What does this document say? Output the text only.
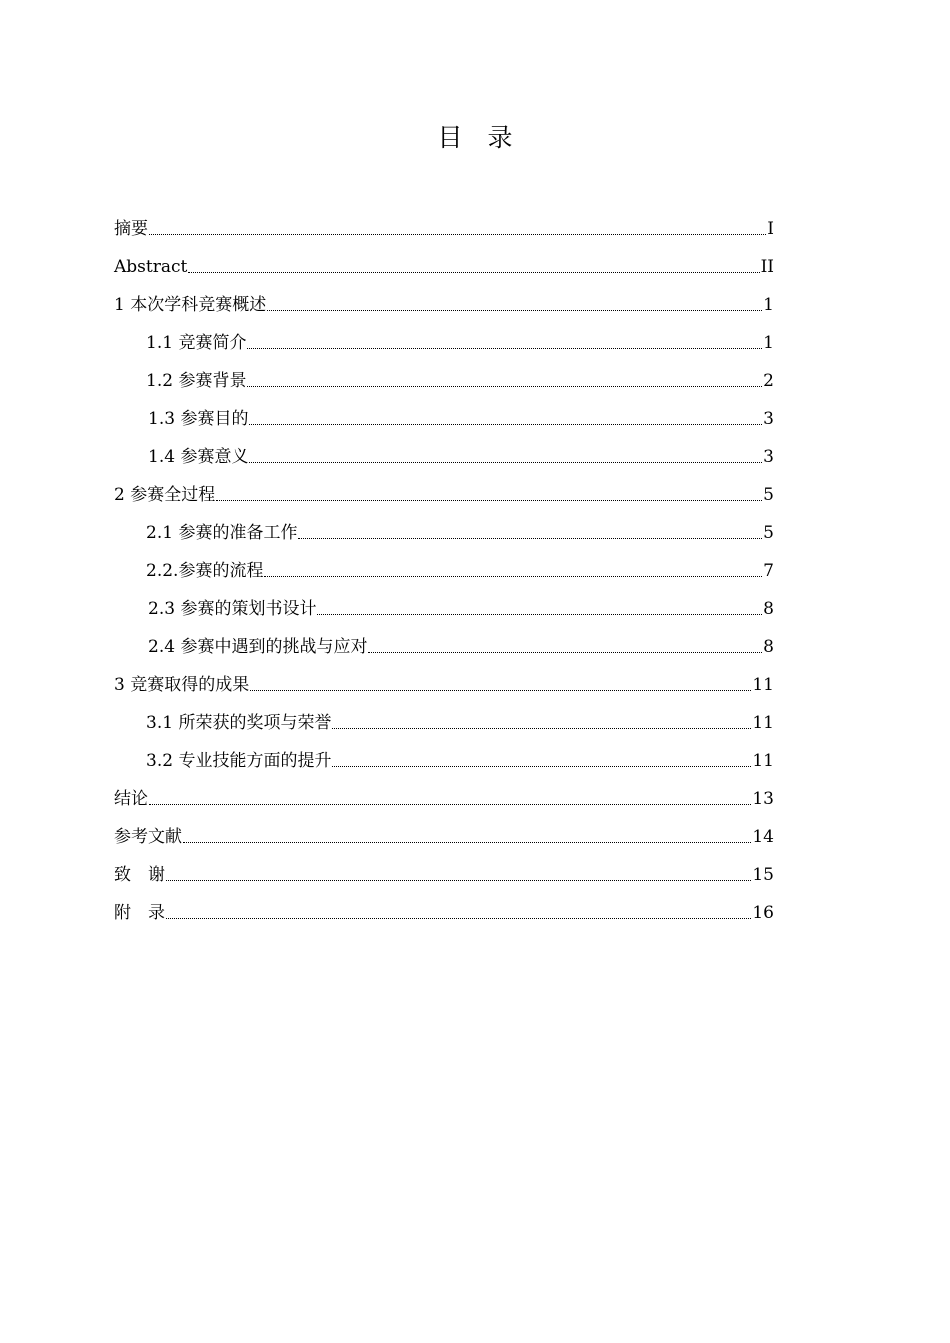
目　录
摘要	I
Abstract	II
1 本次学科竞赛概述	1
1.1 竞赛简介	1
1.2 参赛背景	2
1.3 参赛目的	3
1.4 参赛意义	3
2 参赛全过程	5
2.1 参赛的准备工作	5
2.2.参赛的流程	7
2.3 参赛的策划书设计	8
2.4 参赛中遇到的挑战与应对	8
3 竞赛取得的成果	11
3.1 所荣获的奖项与荣誉	11
3.2 专业技能方面的提升	11
结论	13
参考文献	14
致　谢	15
附　录	16
